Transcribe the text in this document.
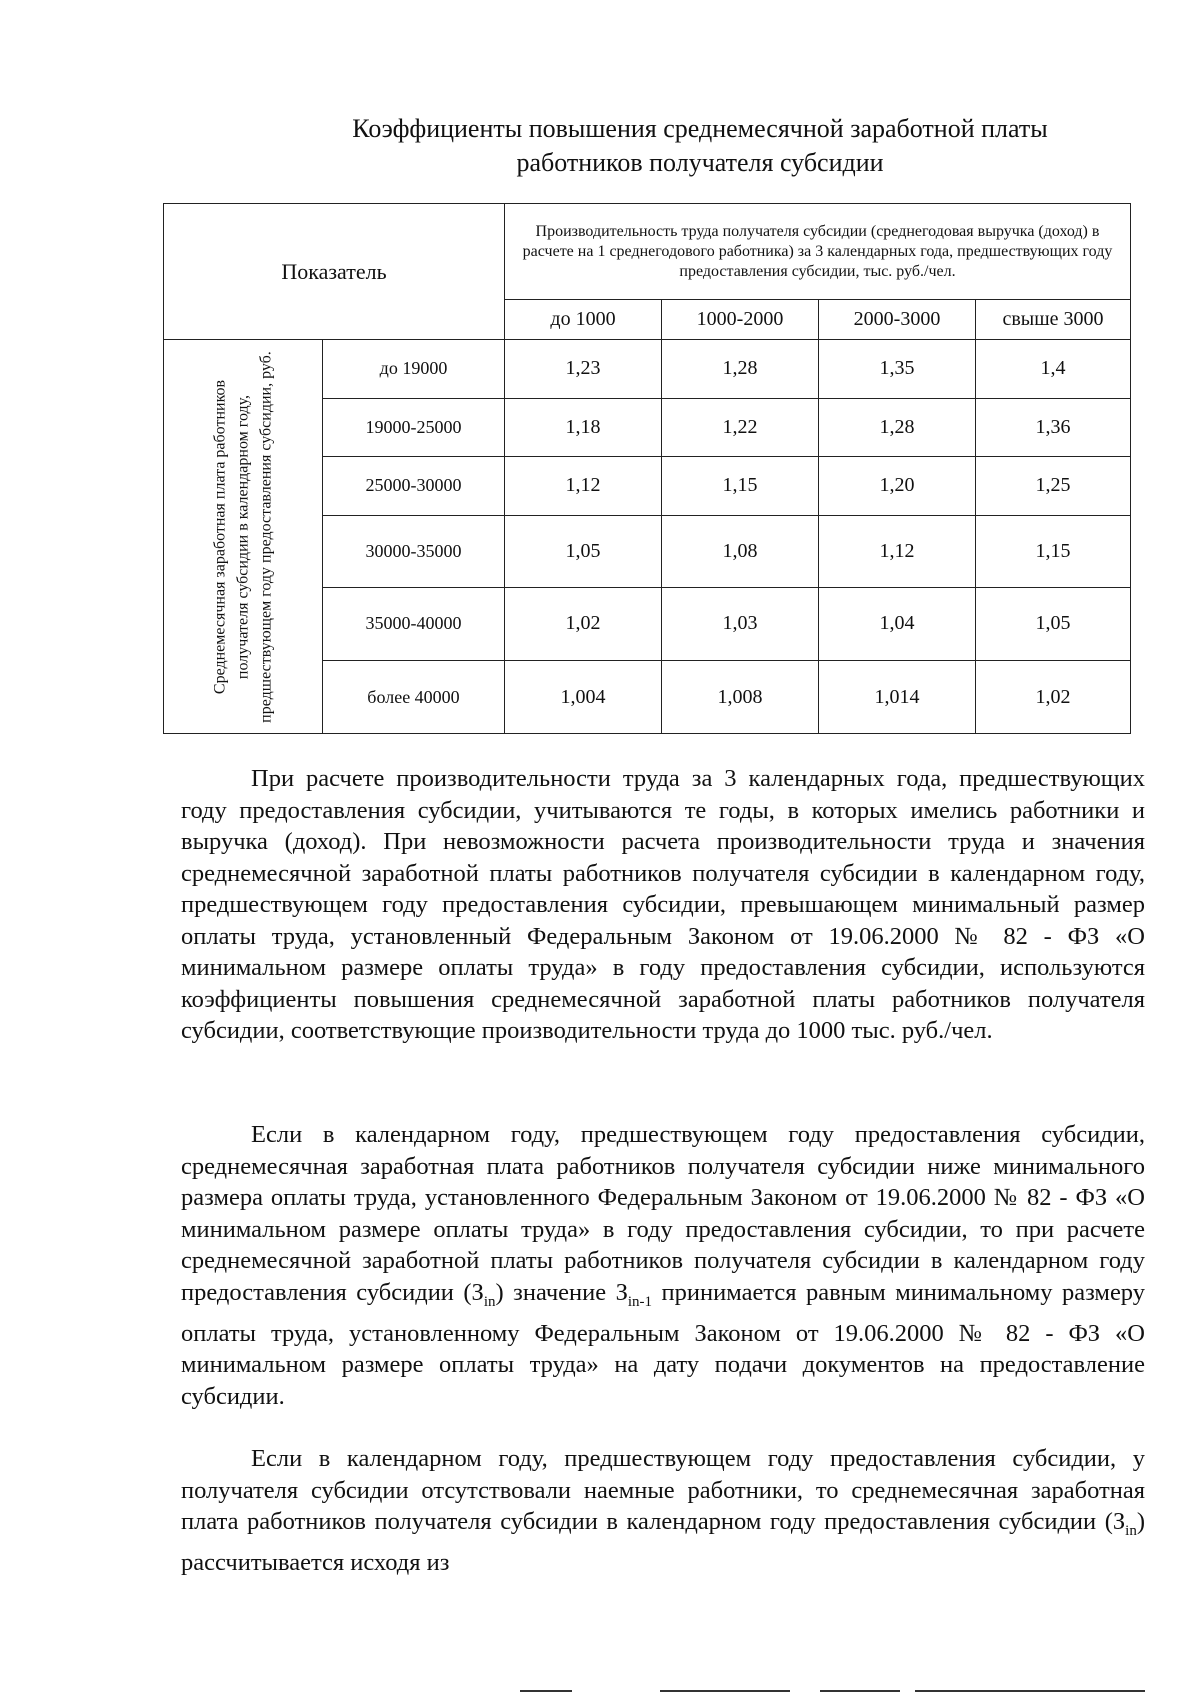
Коэффициенты повышения среднемесячной заработной платы
работников получателя субсидии
Показатель		Производительность труда получателя субсидии (среднегодовая выручка (доход) в расчете на 1 среднегодового работника) за 3 календарных года, предшествующих году предоставления субсидии, тыс. руб./чел.			
		до 1000	1000-2000	2000-3000	свыше 3000

Среднемесячная заработная плата работников получателя субсидии в календарном году, предшествующем году предоставления субсидии, руб.	до 19000	1,23	1,28	1,35	1,4
	19000-25000	1,18	1,22	1,28	1,36
	25000-30000	1,12	1,15	1,20	1,25
	30000-35000	1,05	1,08	1,12	1,15
	35000-40000	1,02	1,03	1,04	1,05
	более 40000	1,004	1,008	1,014	1,02

При расчете производительности труда за 3 календарных года, предшествующих году предоставления субсидии, учитываются те годы, в которых имелись работники и выручка (доход). При невозможности расчета производительности труда и значения среднемесячной заработной платы работников получателя субсидии в календарном году, предшествующем году предоставления субсидии, превышающем минимальный размер оплаты труда, установленный Федеральным Законом от 19.06.2000 № 82 - ФЗ «О минимальном размере оплаты труда» в году предоставления субсидии, используются коэффициенты повышения среднемесячной заработной платы работников получателя субсидии, соответствующие производительности труда до 1000 тыс. руб./чел.

Если в календарном году, предшествующем году предоставления субсидии, среднемесячная заработная плата работников получателя субсидии ниже минимального размера оплаты труда, установленного Федеральным Законом от 19.06.2000 № 82 - ФЗ «О минимальном размере оплаты труда» в году предоставления субсидии, то при расчете среднемесячной заработной платы работников получателя субсидии в календарном году предоставления субсидии $(З_{in})$ значение $З_{in-1}$ принимается равным минимальному размеру оплаты труда, установленному Федеральным Законом от 19.06.2000 № 82 - ФЗ «О минимальном размере оплаты труда» на дату подачи документов на предоставление субсидии.

Если в календарном году, предшествующем году предоставления субсидии, у получателя субсидии отсутствовали наемные работники, то среднемесячная заработная плата работников получателя субсидии в календарном году предоставления субсидии $(З_{in})$ рассчитывается исходя из
